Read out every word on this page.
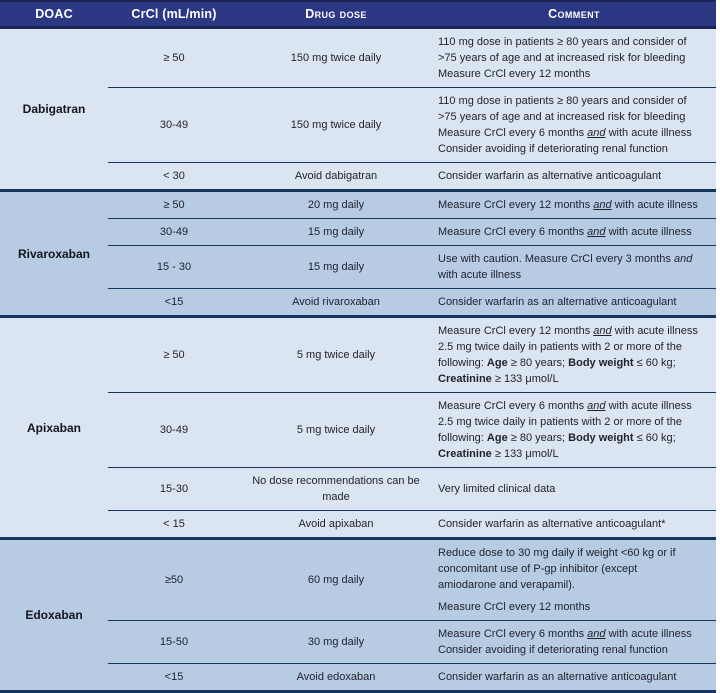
DOAC	CrCl (mL/min)	Drug dose	Comment
Dabigatran	≥ 50	150 mg twice daily	110 mg dose in patients ≥ 80 years and consider of
>75 years of age and at increased risk for bleeding
Measure CrCl every 12 months

	30-49	150 mg twice daily	110 mg dose in patients ≥ 80 years and consider of
>75 years of age and at increased risk for bleeding
Measure CrCl every 6 months and with acute illness
Consider avoiding if deteriorating renal function

	< 30	Avoid dabigatran	Consider warfarin as alternative anticoagulant

Rivaroxaban	≥ 50	20 mg daily	Measure CrCl every 12 months and with acute illness

	30-49	15 mg daily	Measure CrCl every 6 months and with acute illness

	15 - 30	15 mg daily	Use with caution. Measure CrCl every 3 months and
with acute illness

	<15	Avoid rivaroxaban	Consider warfarin as an alternative anticoagulant

Apixaban	≥ 50	5 mg twice daily	Measure CrCl every 12 months and with acute illness
2.5 mg twice daily in patients with 2 or more of the
following: Age ≥ 80 years; Body weight ≤ 60 kg;
Creatinine ≥ 133 μmol/L

	30-49	5 mg twice daily	Measure CrCl every 6 months and with acute illness
2.5 mg twice daily in patients with 2 or more of the
following: Age ≥ 80 years; Body weight ≤ 60 kg;
Creatinine ≥ 133 μmol/L

	15-30	No dose recommendations can be made	Very limited clinical data

	< 15	Avoid apixaban	Consider warfarin as alternative anticoagulant*

Edoxaban	≥50	60 mg daily	Reduce dose to 30 mg daily if weight <60 kg or if
concomitant use of P-gp inhibitor (except
amiodarone and verapamil).
Measure CrCl every 12 months

	15-50	30 mg daily	Measure CrCl every 6 months and with acute illness
Consider avoiding if deteriorating renal function

	<15	Avoid edoxaban	Consider warfarin as an alternative anticoagulant
